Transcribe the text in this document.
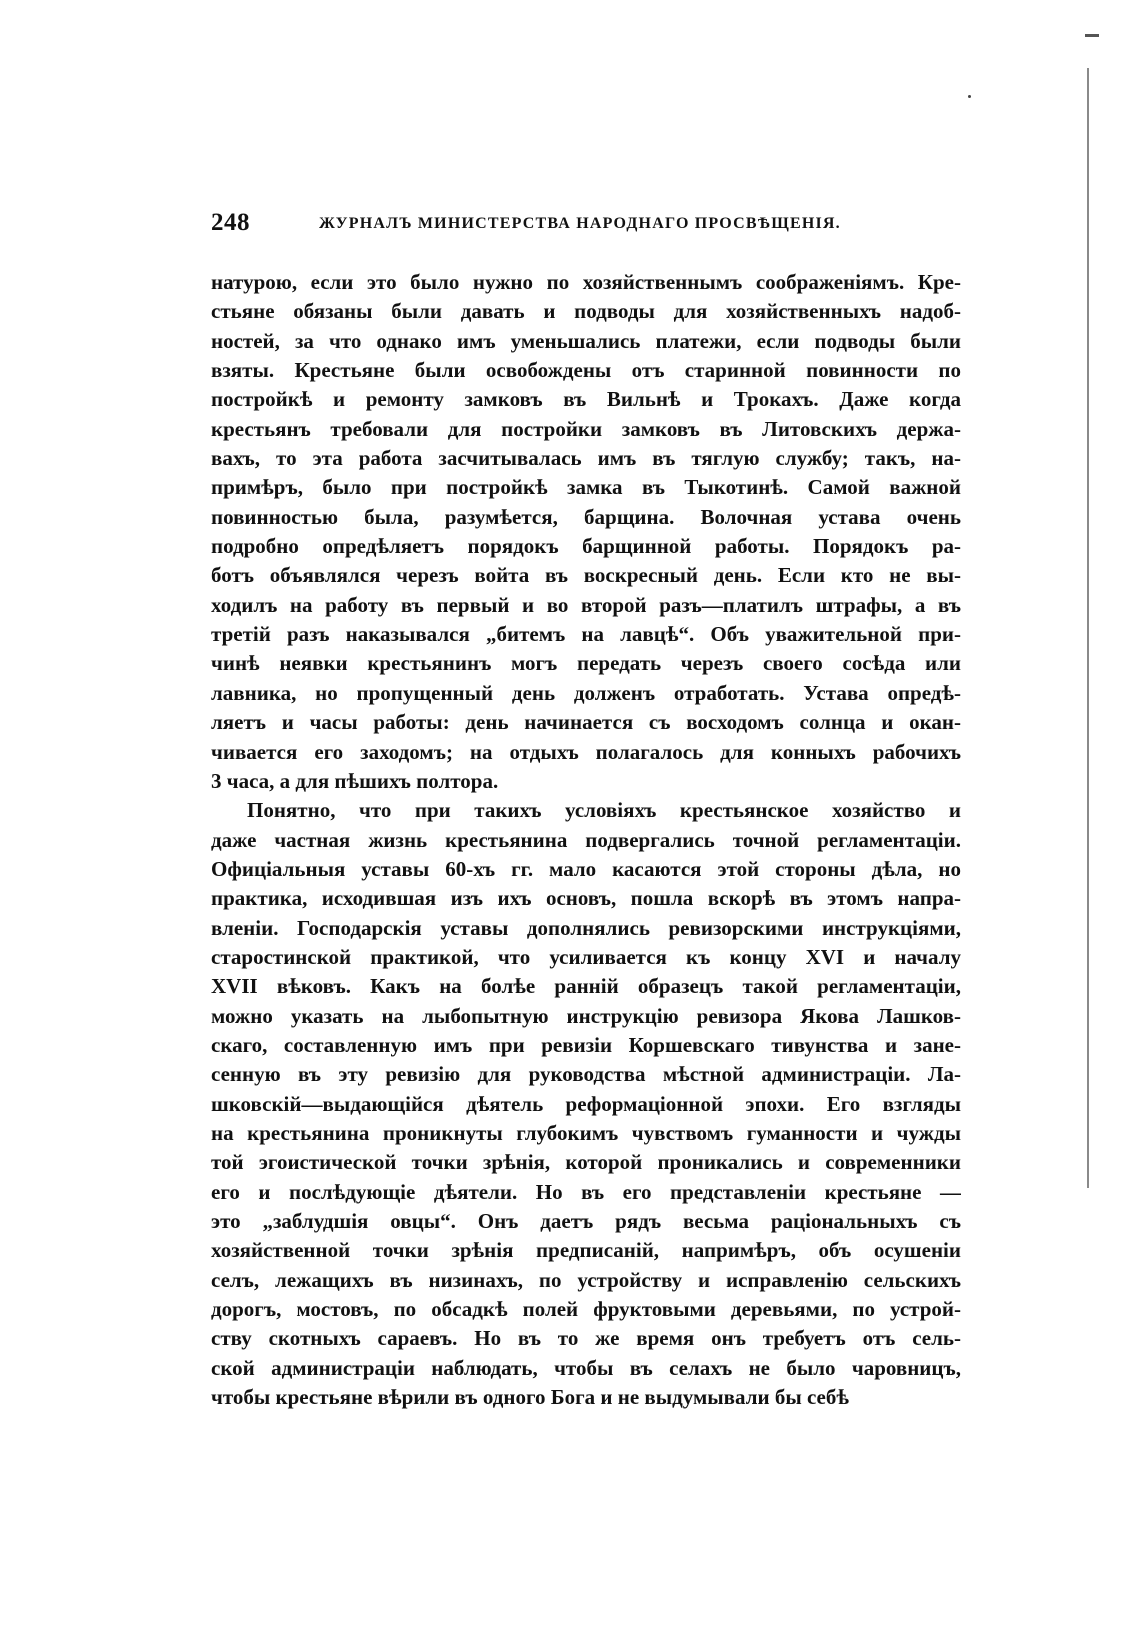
248	ЖУРНАЛЪ МИНИСТЕРСТВА НАРОДНАГО ПРОСВѢЩЕНІЯ.
натурою, если это было нужно по хозяйственнымъ соображеніямъ. Кре-
стьяне обязаны были давать и подводы для хозяйственныхъ надоб-
ностей, за что однако имъ уменьшались платежи, если подводы были
взяты. Крестьяне были освобождены отъ старинной повинности по
постройкѣ и ремонту замковъ въ Вильнѣ и Трокахъ. Даже когда
крестьянъ требовали для постройки замковъ въ Литовскихъ держа-
вахъ, то эта работа засчитывалась имъ въ тяглую службу; такъ, на-
примѣръ, было при постройкѣ замка въ Тыкотинѣ. Самой важной
повинностью была, разумѣется, барщина. Волочная устава очень
подробно опредѣляетъ порядокъ барщинной работы. Порядокъ ра-
ботъ объявлялся черезъ войта въ воскресный день. Если кто не вы-
ходилъ на работу въ первый и во второй разъ—платилъ штрафы, а въ
третій разъ наказывался „битемъ на лавцѣ“. Объ уважительной при-
чинѣ неявки крестьянинъ могъ передать черезъ своего сосѣда или
лавника, но пропущенный день долженъ отработать. Устава опредѣ-
ляетъ и часы работы: день начинается съ восходомъ солнца и окан-
чивается его заходомъ; на отдыхъ полагалось для конныхъ рабочихъ
3 часа, а для пѣшихъ полтора.
Понятно, что при такихъ условіяхъ крестьянское хозяйство и
даже частная жизнь крестьянина подвергались точной регламентаціи.
Офиціальныя уставы 60-хъ гг. мало касаются этой стороны дѣла, но
практика, исходившая изъ ихъ основъ, пошла вскорѣ въ этомъ напра-
вленіи. Господарскія уставы дополнялись ревизорскими инструкціями,
старостинской практикой, что усиливается къ концу XVI и началу
XVII вѣковъ. Какъ на болѣе ранній образецъ такой регламентаціи,
можно указать на лыбопытную инструкцію ревизора Якова Лашков-
скаго, составленную имъ при ревизіи Коршевскаго тивунства и зане-
сенную въ эту ревизію для руководства мѣстной администраціи. Ла-
шковскій—выдающійся дѣятель реформаціонной эпохи. Его взгляды
на крестьянина проникнуты глубокимъ чувствомъ гуманности и чужды
той эгоистической точки зрѣнія, которой проникались и современники
его и послѣдующіе дѣятели. Но въ его представленіи крестьяне —
это „заблудшія овцы“. Онъ даетъ рядъ весьма раціональныхъ съ
хозяйственной точки зрѣнія предписаній, напримѣръ, объ осушеніи
селъ, лежащихъ въ низинахъ, по устройству и исправленію сельскихъ
дорогъ, мостовъ, по обсадкѣ полей фруктовыми деревьями, по устрой-
ству скотныхъ сараевъ. Но въ то же время онъ требуетъ отъ сель-
ской администраціи наблюдать, чтобы въ селахъ не было чаровницъ,
чтобы крестьяне вѣрили въ одного Бога и не выдумывали бы себѣ
